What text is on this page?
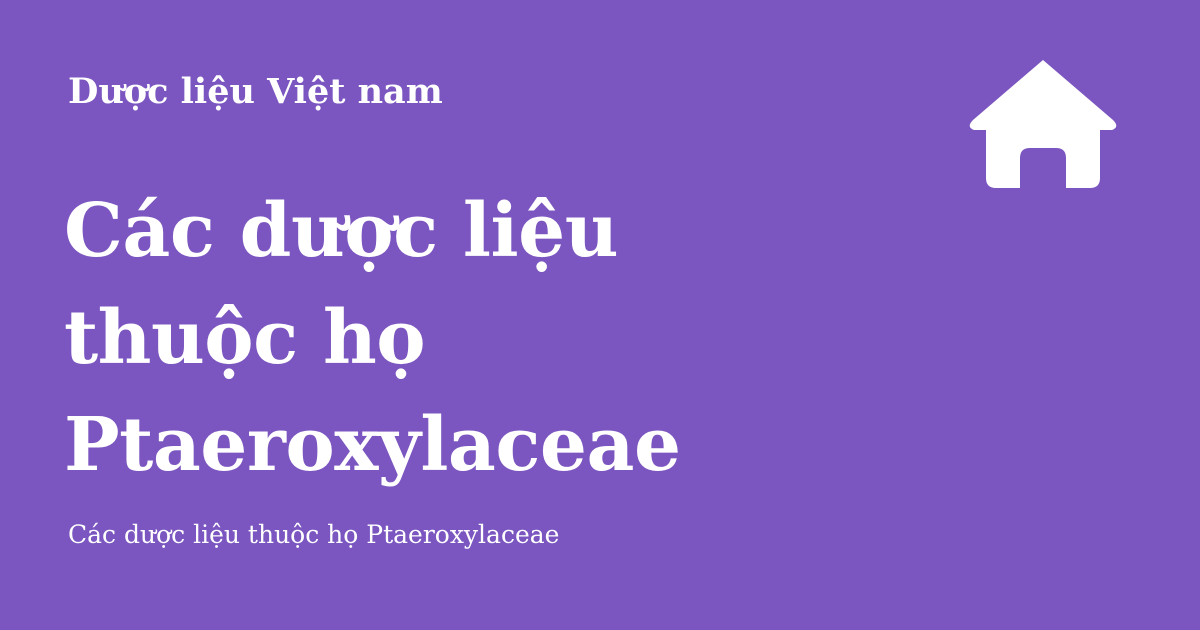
Dược liệu Việt nam
Các dược liệu
thuộc họ
Ptaeroxylaceae
Các dược liệu thuộc họ Ptaeroxylaceae
